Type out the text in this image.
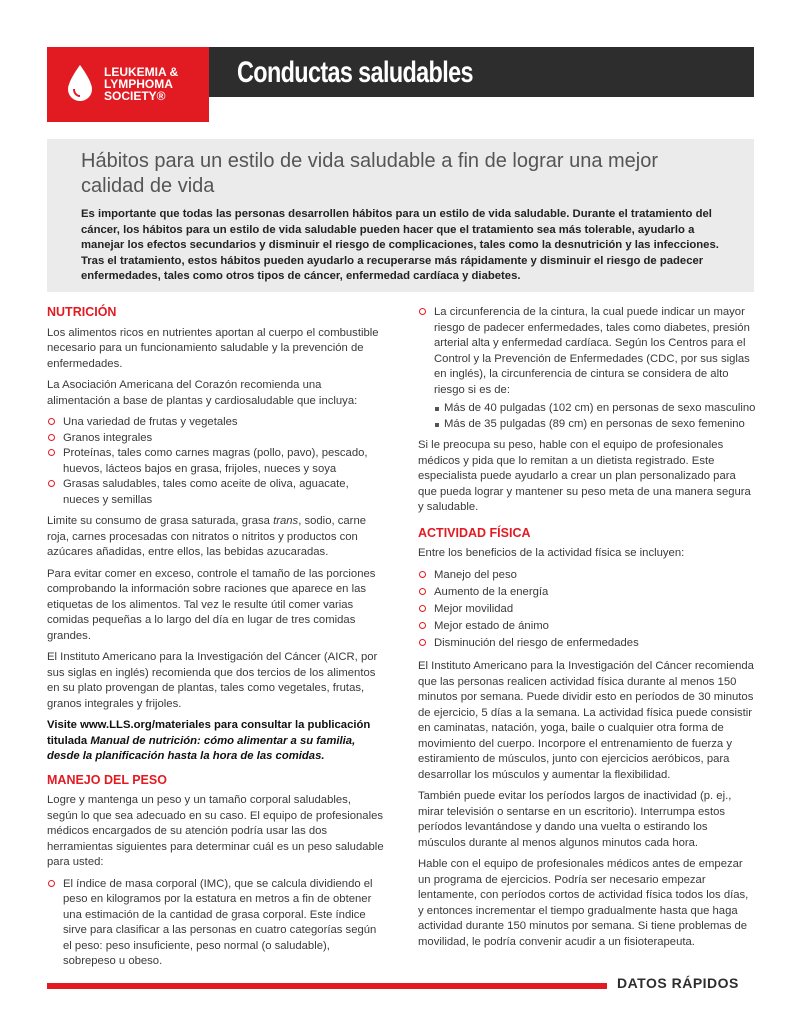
LEUKEMIA &
LYMPHOMA
SOCIETY®
Conductas saludables
Hábitos para un estilo de vida saludable a fin de lograr una mejor calidad de vida
Es importante que todas las personas desarrollen hábitos para un estilo de vida saludable. Durante el tratamiento del cáncer, los hábitos para un estilo de vida saludable pueden hacer que el tratamiento sea más tolerable, ayudarlo a manejar los efectos secundarios y disminuir el riesgo de complicaciones, tales como la desnutrición y las infecciones. Tras el tratamiento, estos hábitos pueden ayudarlo a recuperarse más rápidamente y disminuir el riesgo de padecer enfermedades, tales como otros tipos de cáncer, enfermedad cardíaca y diabetes.
NUTRICIÓN

Los alimentos ricos en nutrientes aportan al cuerpo el combustible necesario para un funcionamiento saludable y la prevención de enfermedades.

La Asociación Americana del Corazón recomienda una alimentación a base de plantas y cardiosaludable que incluya:

Una variedad de frutas y vegetales
Granos integrales
Proteínas, tales como carnes magras (pollo, pavo), pescado, huevos, lácteos bajos en grasa, frijoles, nueces y soya
Grasas saludables, tales como aceite de oliva, aguacate, nueces y semillas

Limite su consumo de grasa saturada, grasa trans, sodio, carne roja, carnes procesadas con nitratos o nitritos y productos con azúcares añadidas, entre ellos, las bebidas azucaradas.

Para evitar comer en exceso, controle el tamaño de las porciones comprobando la información sobre raciones que aparece en las etiquetas de los alimentos. Tal vez le resulte útil comer varias comidas pequeñas a lo largo del día en lugar de tres comidas grandes.

El Instituto Americano para la Investigación del Cáncer (AICR, por sus siglas en inglés) recomienda que dos tercios de los alimentos en su plato provengan de plantas, tales como vegetales, frutas, granos integrales y frijoles.

Visite www.LLS.org/materiales para consultar la publicación titulada Manual de nutrición: cómo alimentar a su familia, desde la planificación hasta la hora de las comidas.

MANEJO DEL PESO

Logre y mantenga un peso y un tamaño corporal saludables, según lo que sea adecuado en su caso. El equipo de profesionales médicos encargados de su atención podría usar las dos herramientas siguientes para determinar cuál es un peso saludable para usted:

El índice de masa corporal (IMC), que se calcula dividiendo el peso en kilogramos por la estatura en metros a fin de obtener una estimación de la cantidad de grasa corporal. Este índice sirve para clasificar a las personas en cuatro categorías según el peso: peso insuficiente, peso normal (o saludable), sobrepeso u obeso.
La circunferencia de la cintura, la cual puede indicar un mayor riesgo de padecer enfermedades, tales como diabetes, presión arterial alta y enfermedad cardíaca. Según los Centros para el Control y la Prevención de Enfermedades (CDC, por sus siglas en inglés), la circunferencia de cintura se considera de alto riesgo si es de:
Más de 40 pulgadas (102 cm) en personas de sexo masculino
Más de 35 pulgadas (89 cm) en personas de sexo femenino

Si le preocupa su peso, hable con el equipo de profesionales médicos y pida que lo remitan a un dietista registrado. Este especialista puede ayudarlo a crear un plan personalizado para que pueda lograr y mantener su peso meta de una manera segura y saludable.

ACTIVIDAD FÍSICA

Entre los beneficios de la actividad física se incluyen:

Manejo del peso
Aumento de la energía
Mejor movilidad
Mejor estado de ánimo
Disminución del riesgo de enfermedades

El Instituto Americano para la Investigación del Cáncer recomienda que las personas realicen actividad física durante al menos 150 minutos por semana. Puede dividir esto en períodos de 30 minutos de ejercicio, 5 días a la semana. La actividad física puede consistir en caminatas, natación, yoga, baile o cualquier otra forma de movimiento del cuerpo. Incorpore el entrenamiento de fuerza y estiramiento de músculos, junto con ejercicios aeróbicos, para desarrollar los músculos y aumentar la flexibilidad.

También puede evitar los períodos largos de inactividad (p. ej., mirar televisión o sentarse en un escritorio). Interrumpa estos períodos levantándose y dando una vuelta o estirando los músculos durante al menos algunos minutos cada hora.

Hable con el equipo de profesionales médicos antes de empezar un programa de ejercicios. Podría ser necesario empezar lentamente, con períodos cortos de actividad física todos los días, y entonces incrementar el tiempo gradualmente hasta que haga actividad durante 150 minutos por semana. Si tiene problemas de movilidad, le podría convenir acudir a un fisioterapeuta.

DATOS RÁPIDOS
